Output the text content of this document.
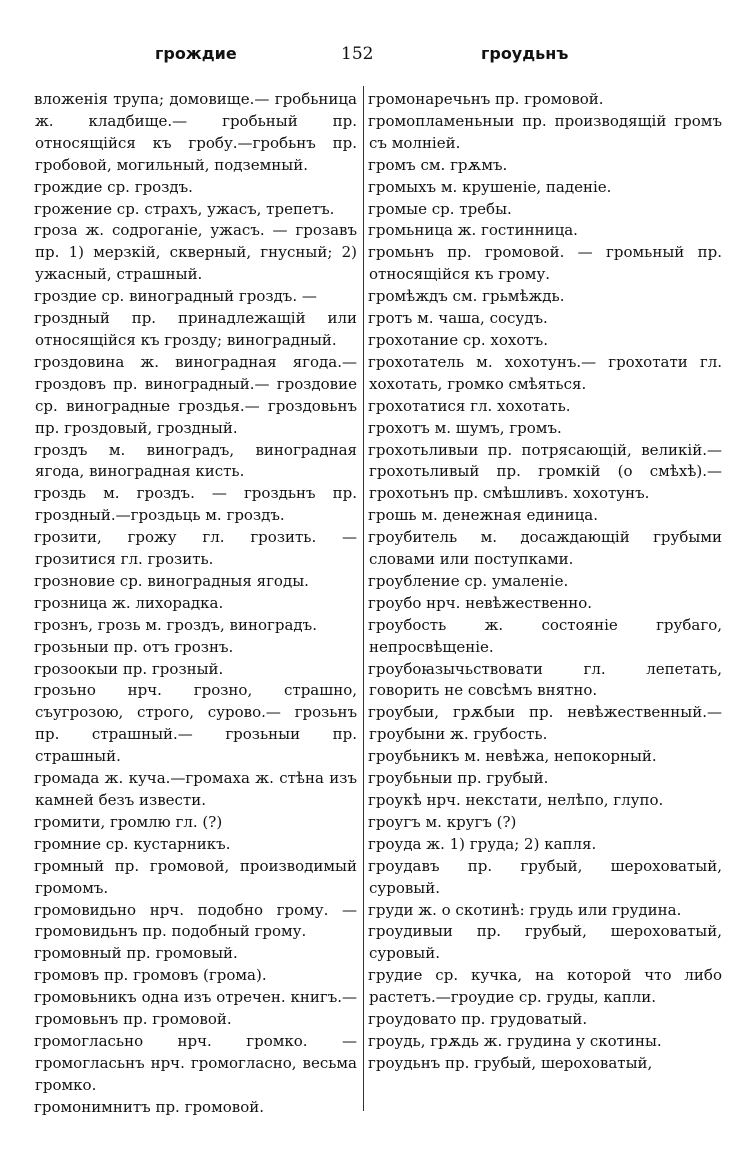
грождие	152	гроудьнъ

вложенія трупа; домовище.— гробьница ж. кладбище.— гробьный пр. относящійся къ гробу.—гробьнъ пр. гробовой, могильный, подземный.

грождие ср. гроздъ.

грожение ср. страхъ, ужасъ, трепетъ.

гроза ж. содроганіе, ужасъ. — грозавъ пр. 1) мерзкій, скверный, гнусный; 2) ужасный, страшный.

гроздие ср. виноградный гроздъ. —

гроздный пр. принадлежащій или относящійся къ грозду; виноградный.

гроздовина ж. виноградная ягода.— гроздовъ пр. виноградный.— гроздовие ср. виноградные гроздья.— гроздовьнъ пр. гроздовый, гроздный.

гроздъ м. виноградъ, виноградная ягода, виноградная кисть.

гроздь м. гроздъ. — гроздьнъ пр. гроздный.—гроздьць м. гроздъ.

грозити, грожу гл. грозить. — грозитися гл. грозить.

грозновие ср. виноградныя ягоды.

грозница ж. лихорадка.

грознъ, грозь м. гроздъ, виноградъ.

грозьныи пр. отъ грознъ.

грозоокыи пр. грозный.

грозьно нрч. грозно, страшно, съугрозою, строго, сурово.— грозьнъ пр. страшный.— грозьныи пр. страшный.

громада ж. куча.—громаха ж. стѣна изъ камней безъ извести.

громити, громлю гл. (?)

громние ср. кустарникъ.

громный пр. громовой, производимый громомъ.

громовидьно нрч. подобно грому. — громовидьнъ пр. подобный грому.

громовный пр. громовый.

громовъ пр. громовъ (грома).

громовьникъ одна изъ отречен. книгъ.—громовьнъ пр. громовой.

громогласьно нрч. громко. — громогласьнъ нрч. громогласно, весьма громко.

громонимнитъ пр. громовой.

громонаречьнъ пр. громовой.

громопламеньныи пр. производящій громъ съ молніей.

громъ см. грѫмъ.

громыхъ м. крушеніе, паденіе.

громые ср. требы.

громьница ж. гостинница.

громьнъ пр. громовой. — громьный пр. относящійся къ грому.

громѣждъ см. грьмѣждь.

гротъ м. чаша, сосудъ.

грохотание ср. хохотъ.

грохотатель м. хохотунъ.— грохотати гл. хохотать, громко смѣяться.

грохотатися гл. хохотать.

грохотъ м. шумъ, громъ.

грохотьливыи пр. потрясающій, великій.—грохотьливый пр. громкій (о смѣхѣ).—грохотьнъ пр. смѣшливъ. хохотунъ.

грошь м. денежная единица.

гроубитель м. досаждающій грубыми словами или поступками.

гроубление ср. умаленіе.

гроубо нрч. невѣжественно.

гроубость ж. состояніе грубаго, непросвѣщеніе.

гроубоꙗзычьствовати гл. лепетать, говорить не совсѣмъ внятно.

гроубыи, грѫбыи пр. невѣжественный.—гроубыни ж. грубость.

гроубьникъ м. невѣжа, непокорный.

гроубьныи пр. грубый.

гроукѣ нрч. некстати, нелѣпо, глупо.

гроугъ м. кругъ (?)

гроуда ж. 1) груда; 2) капля.

гроудавъ пр. грубый, шероховатый, суровый.

груди ж. о скотинѣ: грудь или грудина.

гроудивыи пр. грубый, шероховатый, суровый.

грудие ср. кучка, на которой что либо растетъ.—гроудие ср. груды, капли.

гроудовато пр. грудоватый.

гроудь, грѫдь ж. грудина у скотины.

гроудьнъ пр. грубый, шероховатый,
